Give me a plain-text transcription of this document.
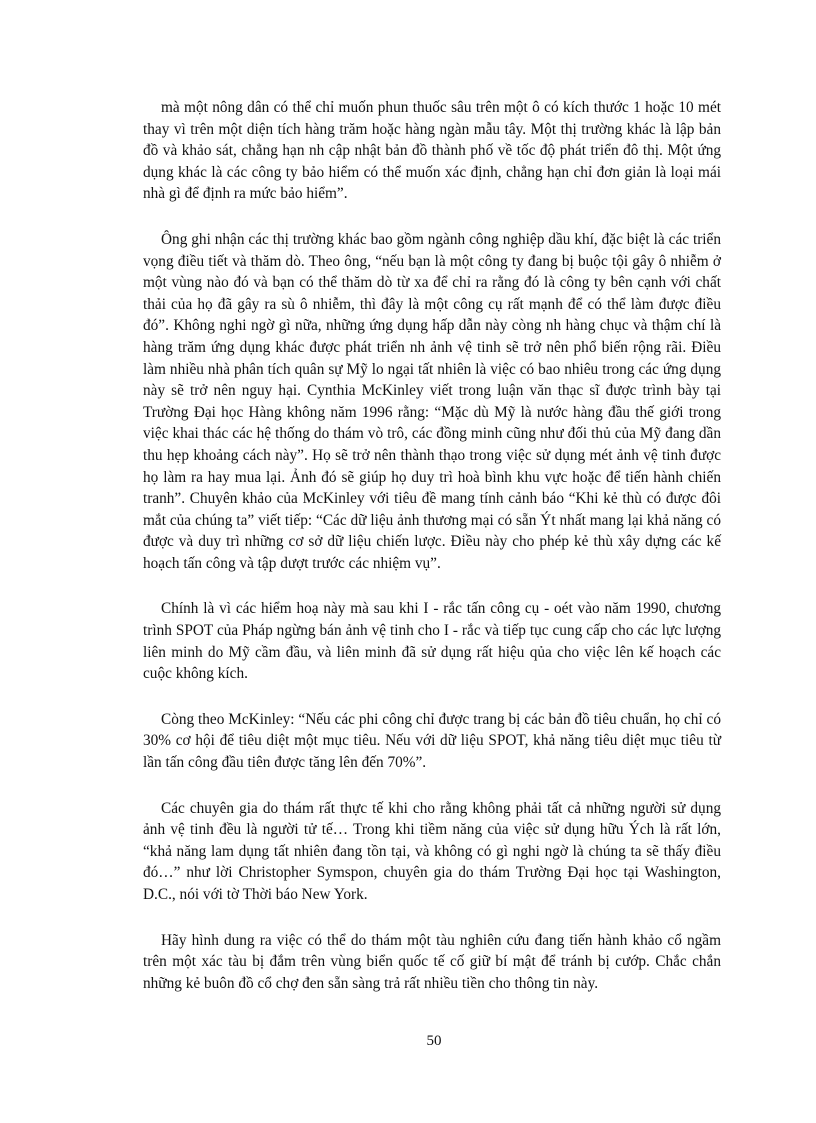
mà một nông dân có thể chỉ muốn phun thuốc sâu trên một ô có kích thước 1 hoặc 10 mét thay vì trên một diện tích hàng trăm hoặc hàng ngàn mẫu tây. Một thị trường khác là lập bản đồ và khảo sát, chẳng hạn nh cập nhật bản đồ thành phố về tốc độ phát triển đô thị. Một ứng dụng khác là các công ty bảo hiểm có thể muốn xác định, chẳng hạn chỉ đơn giản là loại mái nhà gì để định ra mức bảo hiểm”.

Ông ghi nhận các thị trường khác bao gồm ngành công nghiệp dầu khí, đặc biệt là các triển vọng điều tiết và thăm dò. Theo ông, “nếu bạn là một công ty đang bị buộc tội gây ô nhiễm ở một vùng nào đó và bạn có thể thăm dò từ xa để chỉ ra rằng đó là công ty bên cạnh với chất thải của họ đã gây ra sù ô nhiễm, thì đây là một công cụ rất mạnh để có thể làm được điều đó”. Không nghi ngờ gì nữa, những ứng dụng hấp dẫn này còng nh hàng chục và thậm chí là hàng trăm ứng dụng khác được phát triển nh ảnh vệ tinh sẽ trở nên phổ biến rộng rãi. Điều làm nhiều nhà phân tích quân sự Mỹ lo ngại tất nhiên là việc có bao nhiêu trong các ứng dụng này sẽ trở nên nguy hại. Cynthia McKinley viết trong luận văn thạc sĩ được trình bày tại Trường Đại học Hàng không năm 1996 rằng: “Mặc dù Mỹ là nước hàng đầu thế giới trong việc khai thác các hệ thống do thám vò trô, các đồng minh cũng như đối thủ của Mỹ đang dần thu hẹp khoảng cách này”. Họ sẽ trở nên thành thạo trong việc sử dụng mét ảnh vệ tinh được họ làm ra hay mua lại. Ảnh đó sẽ giúp họ duy trì hoà bình khu vực hoặc để tiến hành chiến tranh”. Chuyên khảo của McKinley với tiêu đề mang tính cảnh báo “Khi kẻ thù có được đôi mắt của chúng ta” viết tiếp: “Các dữ liệu ảnh thương mại có sẵn Ýt nhất mang lại khả năng có được và duy trì những cơ sở dữ liệu chiến lược. Điều này cho phép kẻ thù xây dựng các kế hoạch tấn công và tập dượt trước các nhiệm vụ”.

Chính là vì các hiểm hoạ này mà sau khi I - rắc tấn công cụ - oét vào năm 1990, chương trình SPOT của Pháp ngừng bán ảnh vệ tinh cho I - rắc và tiếp tục cung cấp cho các lực lượng liên minh do Mỹ cầm đầu, và liên minh đã sử dụng rất hiệu qủa cho việc lên kế hoạch các cuộc không kích.

Còng theo McKinley: “Nếu các phi công chỉ được trang bị các bản đồ tiêu chuẩn, họ chỉ có 30% cơ hội để tiêu diệt một mục tiêu. Nếu với dữ liệu SPOT, khả năng tiêu diệt mục tiêu từ lần tấn công đầu tiên được tăng lên đến 70%”.

Các chuyên gia do thám rất thực tế khi cho rằng không phải tất cả những người sử dụng ảnh vệ tinh đều là người tử tế… Trong khi tiềm năng của việc sử dụng hữu Ých là rất lớn, “khả năng lam dụng tất nhiên đang tồn tại, và không có gì nghi ngờ là chúng ta sẽ thấy điều đó…” như lời Christopher Symspon, chuyên gia do thám Trường Đại học tại Washington, D.C., nói với tờ Thời báo New York.

Hãy hình dung ra việc có thể do thám một tàu nghiên cứu đang tiến hành khảo cổ ngầm trên một xác tàu bị đắm trên vùng biển quốc tế cố giữ bí mật để tránh bị cướp. Chắc chắn những kẻ buôn đồ cổ chợ đen sẵn sàng trả rất nhiều tiền cho thông tin này.

50
